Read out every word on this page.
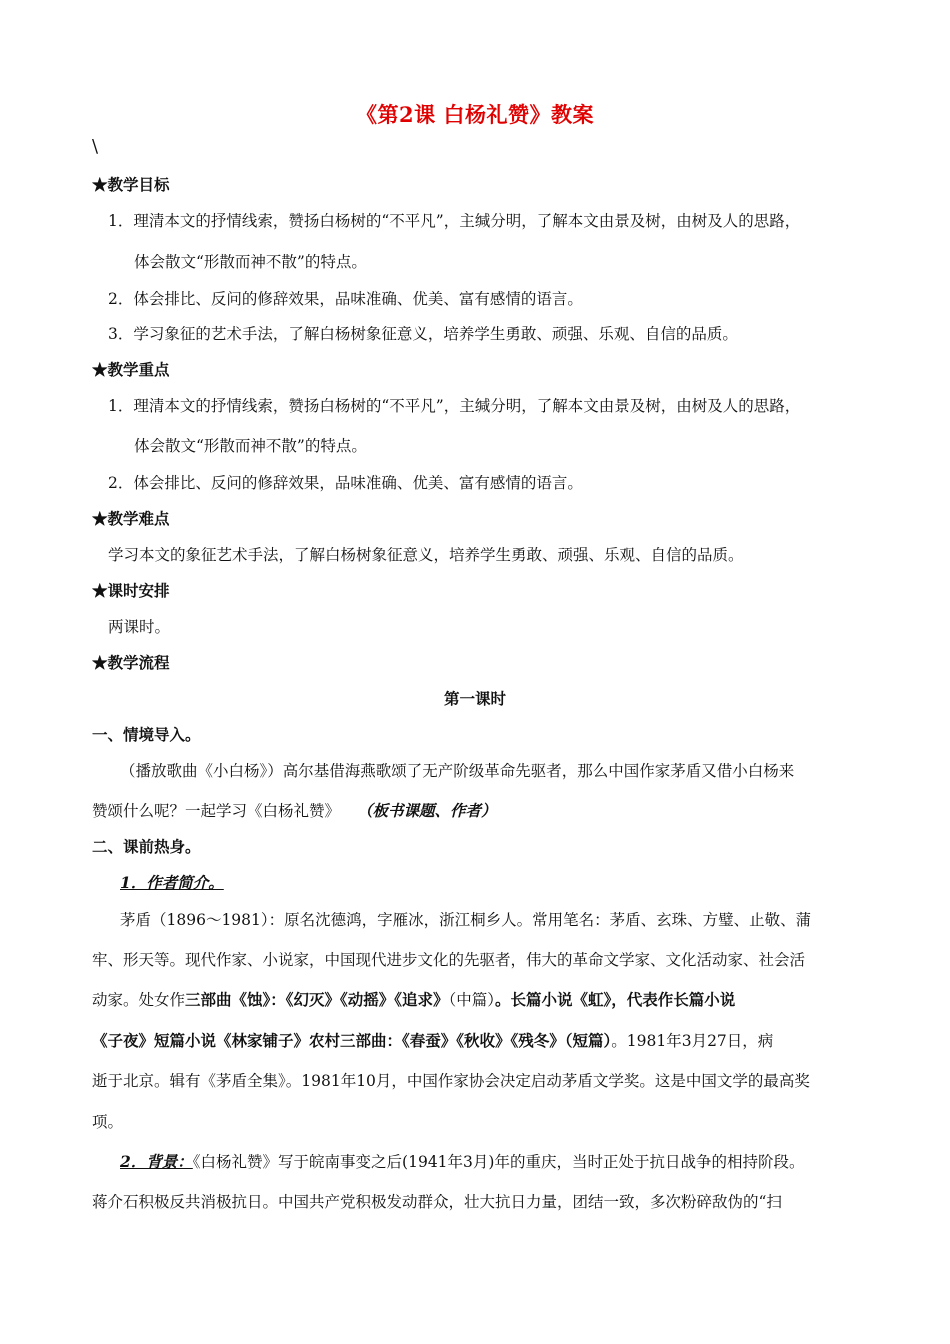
《第2课 白杨礼赞》教案
\
★教学目标
1．理清本文的抒情线索，赞扬白杨树的“不平凡”，主缄分明，了解本文由景及树，由树及人的思路，
体会散文“形散而神不散”的特点。
2．体会排比、反问的修辞效果，品味准确、优美、富有感情的语言。
3．学习象征的艺术手法，了解白杨树象征意义，培养学生勇敢、顽强、乐观、自信的品质。
★教学重点
1．理清本文的抒情线索，赞扬白杨树的“不平凡”，主缄分明，了解本文由景及树，由树及人的思路，
体会散文“形散而神不散”的特点。
2．体会排比、反问的修辞效果，品味准确、优美、富有感情的语言。
★教学难点
学习本文的象征艺术手法，了解白杨树象征意义，培养学生勇敢、顽强、乐观、自信的品质。
★课时安排
两课时。
★教学流程
第一课时
一、情境导入。
（播放歌曲《小白杨》）高尔基借海燕歌颂了无产阶级革命先驱者，那么中国作家茅盾又借小白杨来
赞颂什么呢？一起学习《白杨礼赞》 （板书课题、作者）
二、课前热身。
1．作者简介。
茅盾（1896～1981）：原名沈德鸿，字雁冰，浙江桐乡人。常用笔名：茅盾、玄珠、方璧、止敬、蒲
牢、形天等。现代作家、小说家，中国现代进步文化的先驱者，伟大的革命文学家、文化活动家、社会活
动家。处女作三部曲《蚀》：《幻灭》《动摇》《追求》（中篇）。长篇小说《虹》，代表作长篇小说
《子夜》短篇小说《林家铺子》农村三部曲：《春蚕》《秋收》《残冬》（短篇）。1981年3月27日，病
逝于北京。辑有《茅盾全集》。1981年10月，中国作家协会决定启动茅盾文学奖。这是中国文学的最高奖
项。
2．背景：《白杨礼赞》写于皖南事变之后(1941年3月)年的重庆，当时正处于抗日战争的相持阶段。
蒋介石积极反共消极抗日。中国共产党积极发动群众，壮大抗日力量，团结一致，多次粉碎敌伪的“扫
